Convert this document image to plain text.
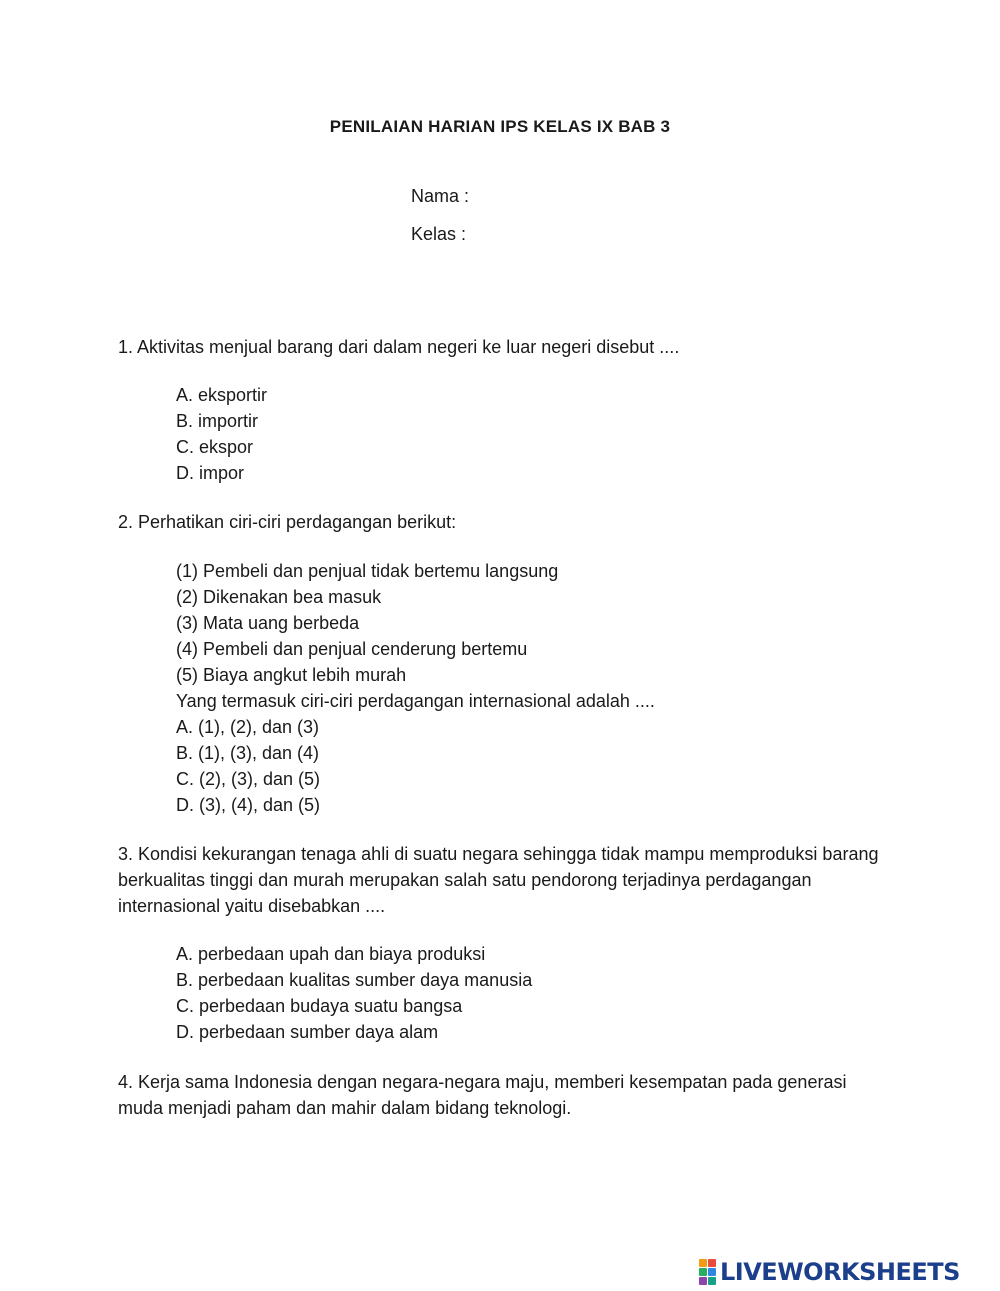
PENILAIAN HARIAN IPS KELAS IX BAB 3
Nama :
Kelas :
1. Aktivitas menjual barang dari dalam negeri ke luar negeri disebut ....
A. eksportir
B. importir
C. ekspor
D. impor
2. Perhatikan ciri-ciri perdagangan berikut:
(1) Pembeli dan penjual tidak bertemu langsung
(2) Dikenakan bea masuk
(3) Mata uang berbeda
(4) Pembeli dan penjual cenderung bertemu
(5) Biaya angkut lebih murah
Yang termasuk ciri-ciri perdagangan internasional adalah ....
A. (1), (2), dan (3)
B. (1), (3), dan (4)
C. (2), (3), dan (5)
D. (3), (4), dan (5)
3. Kondisi kekurangan tenaga ahli di suatu negara sehingga tidak mampu memproduksi barang berkualitas tinggi dan murah merupakan salah satu pendorong terjadinya perdagangan internasional yaitu disebabkan ....
A. perbedaan upah dan biaya produksi
B. perbedaan kualitas sumber daya manusia
C. perbedaan budaya suatu bangsa
D. perbedaan sumber daya alam
4. Kerja sama Indonesia dengan negara-negara maju, memberi kesempatan pada generasi muda menjadi paham dan mahir dalam bidang teknologi.
LIVEWORKSHEETS
